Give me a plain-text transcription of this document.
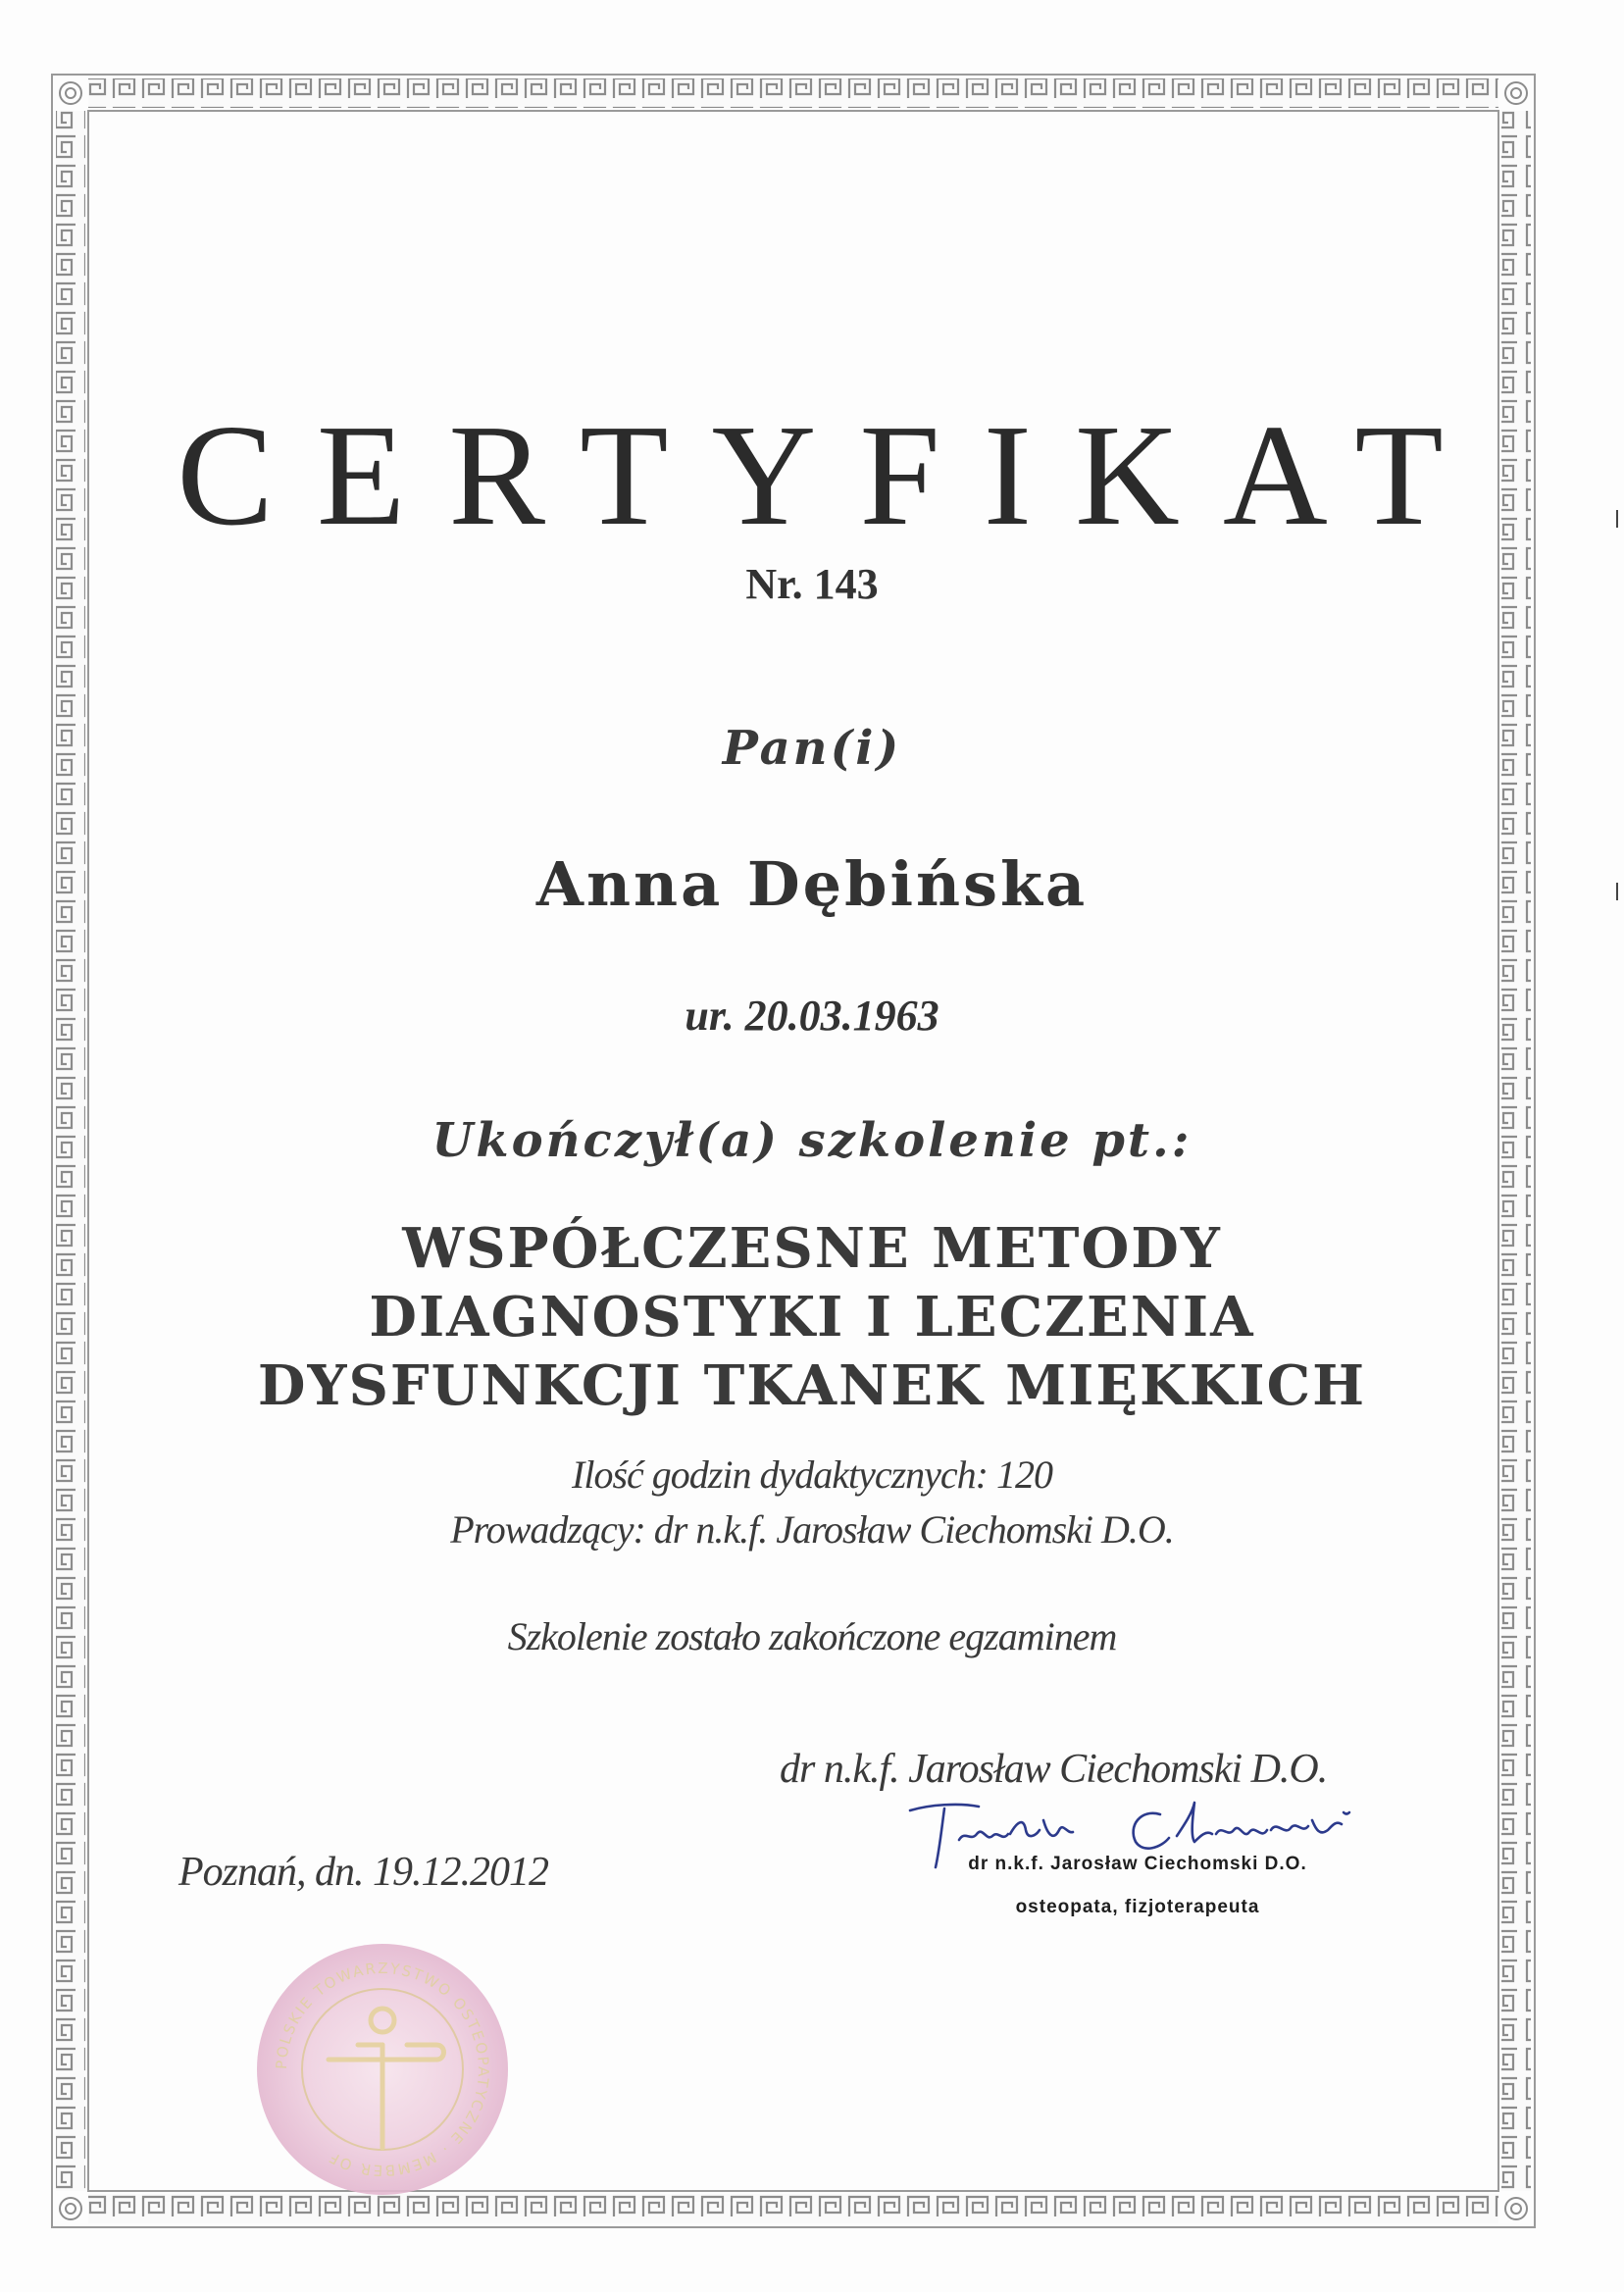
CERTYFIKAT
Nr. 143
Pan(i)
Anna Dębińska
ur. 20.03.1963
Ukończył(a) szkolenie pt.:
WSPÓŁCZESNE METODY
DIAGNOSTYKI I LECZENIA
DYSFUNKCJI TKANEK MIĘKKICH
Ilość godzin dydaktycznych: 120
Prowadzący: dr n.k.f. Jarosław Ciechomski D.O.
Szkolenie zostało zakończone egzaminem
dr n.k.f. Jarosław Ciechomski D.O.
Poznań, dn. 19.12.2012	dr n.k.f. Jarosław Ciechomski D.O.
osteopata, fizjoterapeuta
POLSKIE TOWARZYSTWO OSTEOPATYCZNE · MEMBER OF
